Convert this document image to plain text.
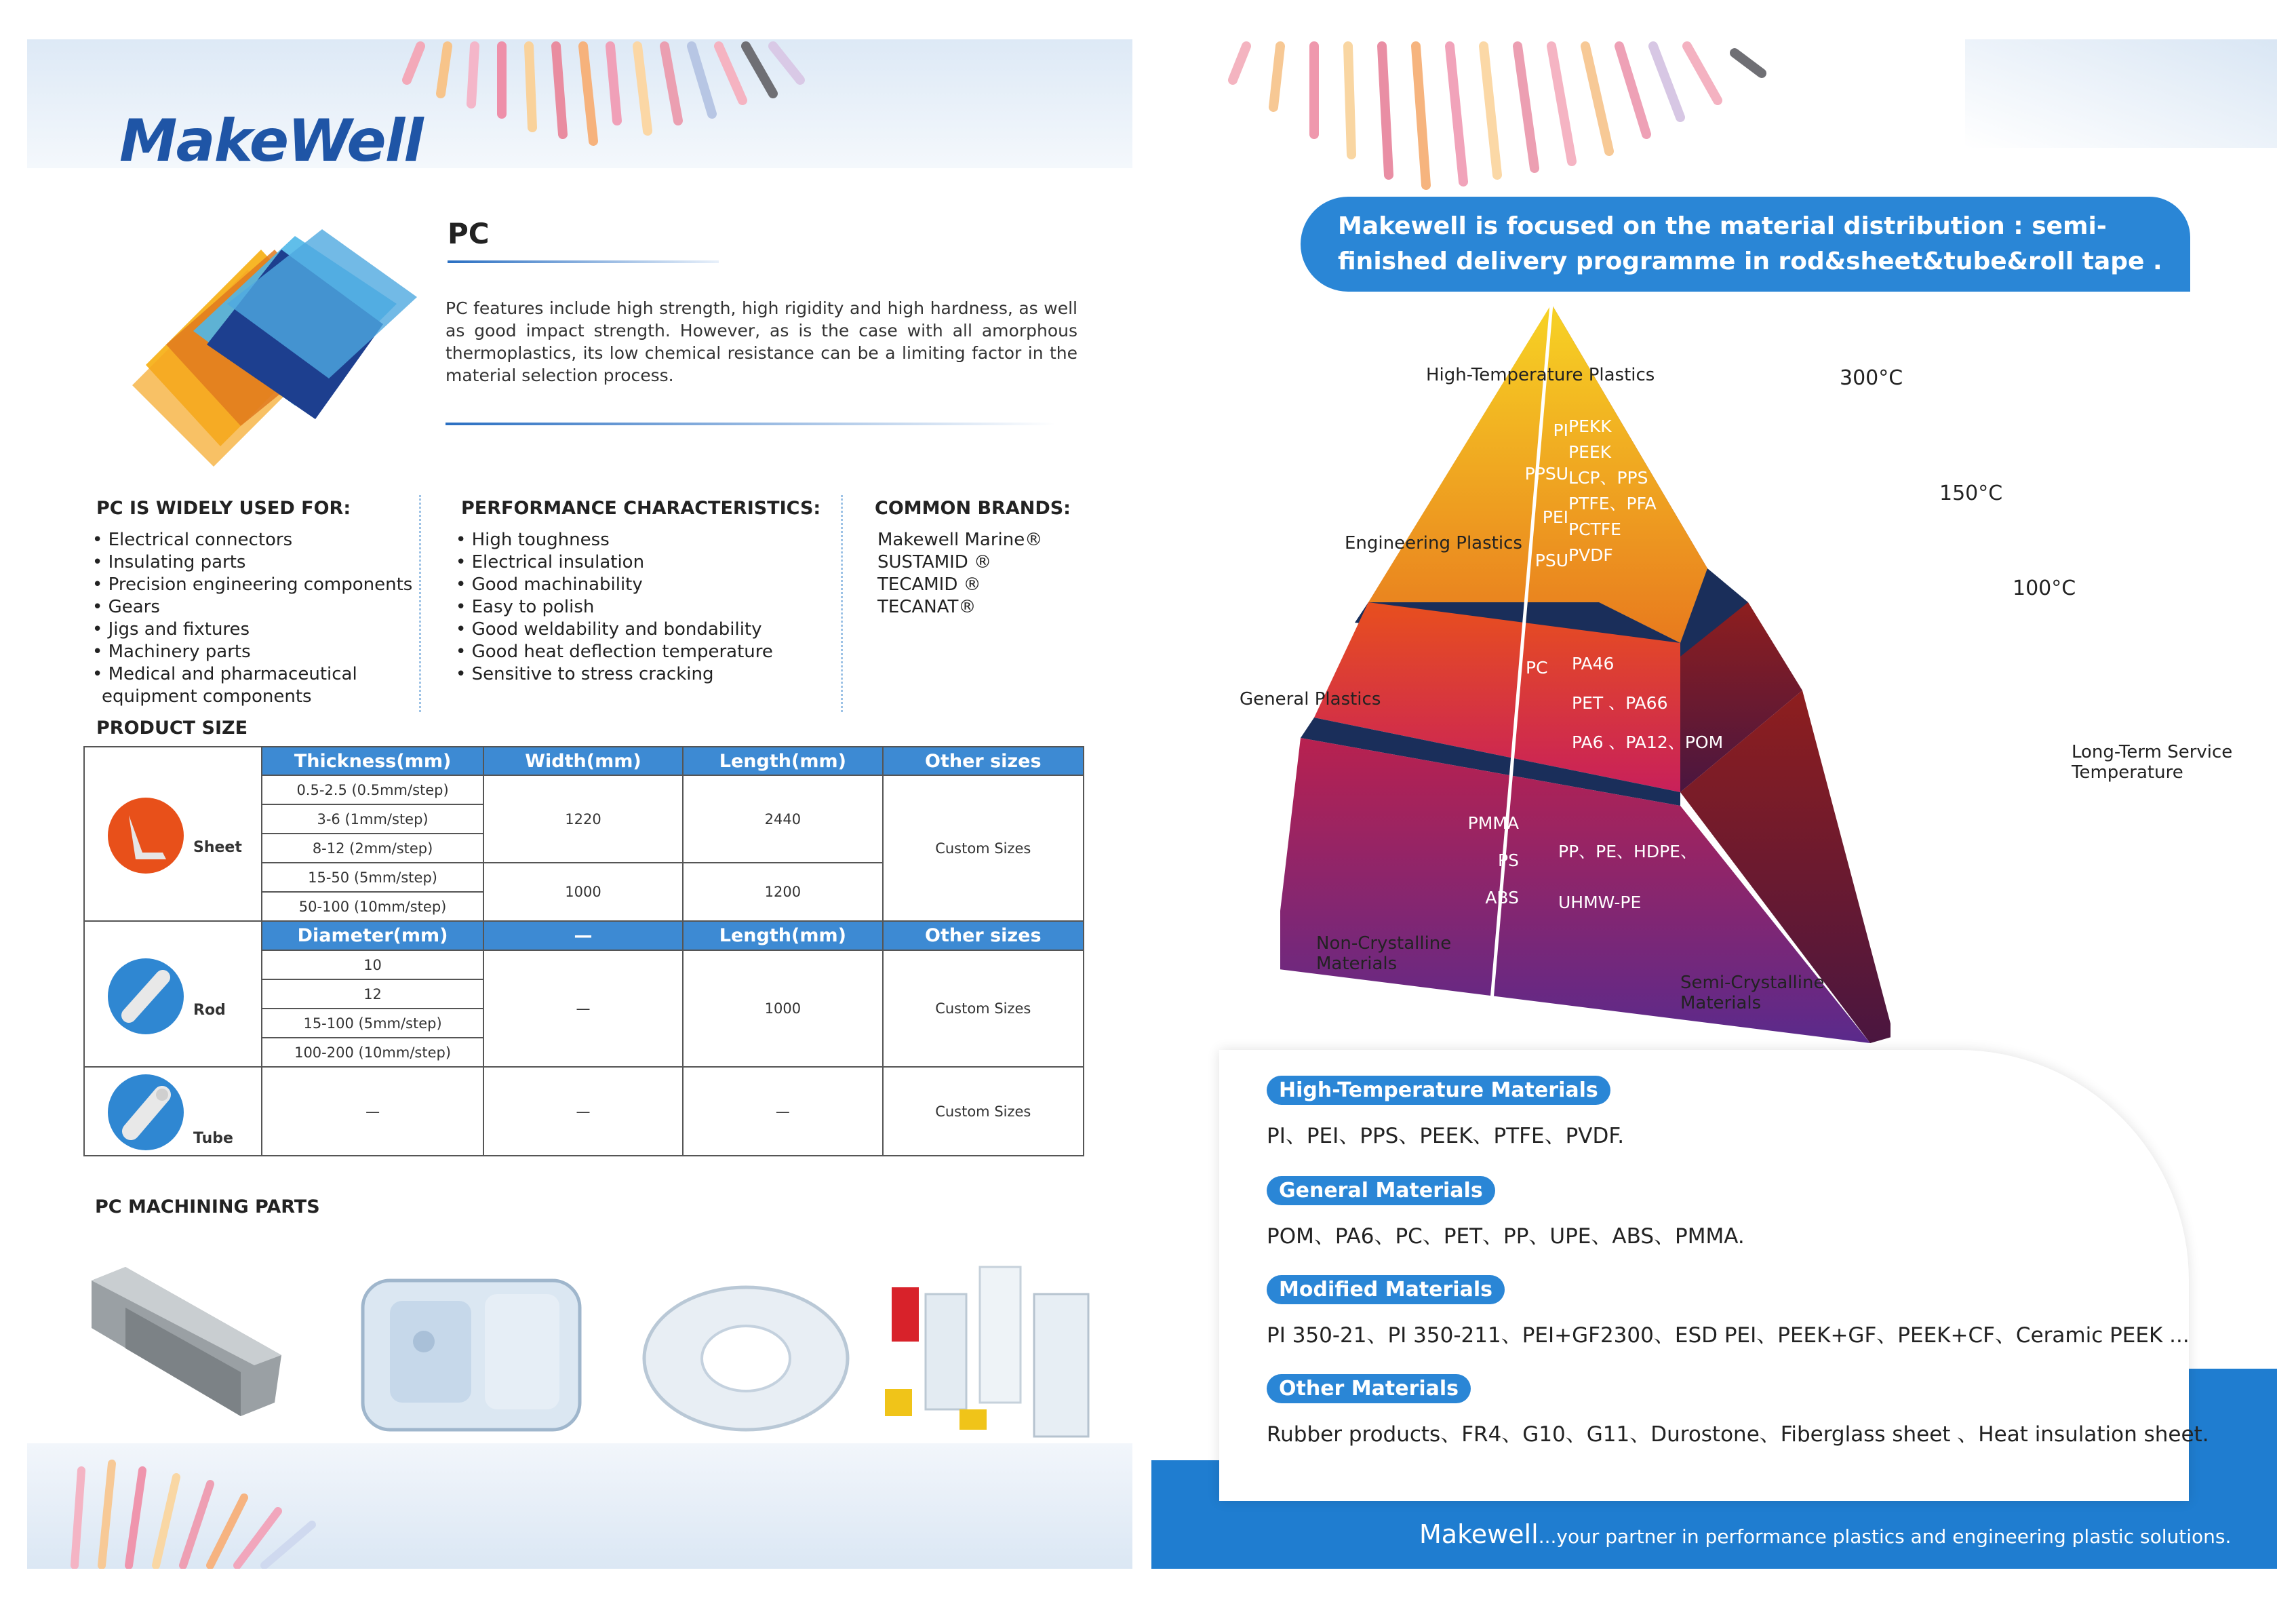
MakeWell
PC
PC features include high strength, high rigidity and high hardness, as well as good impact strength. However, as is the case with all amorphous thermoplastics, its low chemical resistance can be a limiting factor in the material selection process.
PC IS WIDELY USED FOR:
• Electrical connectors
• Insulating parts
• Precision engineering components
• Gears
• Jigs and fixtures
• Machinery parts
• Medical and pharmaceutical
equipment components
PERFORMANCE CHARACTERISTICS:
• High toughness
• Electrical insulation
• Good machinability
• Easy to polish
• Good weldability and bondability
• Good heat deflection temperature
• Sensitive to stress cracking
COMMON BRANDS:
Makewell Marine®
SUSTAMID ®
TECAMID ®
TECANAT®
PRODUCT SIZE
Sheet	Thickness(mm)	Width(mm)	Length(mm)	Other sizes
	0.5-2.5 (0.5mm/step)	1220	2440	Custom Sizes
	3-6 (1mm/step)			
	8-12 (2mm/step)			
	15-50 (5mm/step)	1000	1200	
	50-100 (10mm/step)			

Rod	Diameter(mm)	—	Length(mm)	Other sizes
	10	—	1000	Custom Sizes
	12			
	15-100 (5mm/step)			
	100-200 (10mm/step)			

Tube	—	—	—	Custom Sizes
PC MACHINING PARTS
Makewell is focused on the material distribution : semi-finished delivery programme in rod&sheet&tube&roll tape .
PI
PPSU
PEI
PSU
PEKK
PEEK
LCP、PPS
PTFE、PFA
PCTFE
PVDF
PC PA46
PET 、PA66
PA6 、PA12、POM
PMMA
PS
ABS
PP、PE、HDPE、
UHMW-PE
High-Temperature Plastics
Engineering Plastics
General Plastics
Non-Crystalline Materials
Semi-Crystalline Materials
Long-Term Service Temperature
300°C
150°C
100°C
High-Temperature Materials
PI、PEI、PPS、PEEK、PTFE、PVDF.
General Materials
POM、PA6、PC、PET、PP、UPE、ABS、PMMA.
Modified Materials
PI 350-21、PI 350-211、PEI+GF2300、ESD PEI、PEEK+GF、PEEK+CF、Ceramic PEEK ...
Other Materials
Rubber products、FR4、G10、G11、Durostone、Fiberglass sheet 、Heat insulation sheet.
Makewell...your partner in performance plastics and engineering plastic solutions.
